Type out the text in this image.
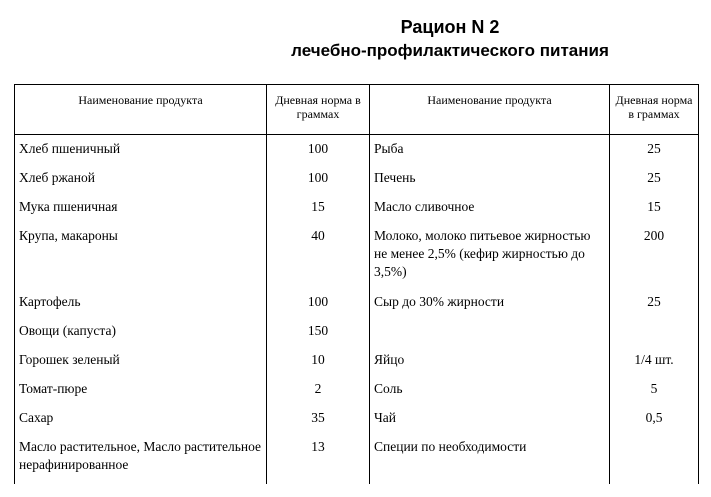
Рацион N 2
лечебно-профилактического питания
Наименование продукта	Дневная норма в граммах	Наименование продукта	Дневная норма в граммах
Хлеб пшеничный	100	Рыба	25
Хлеб ржаной	100	Печень	25
Мука пшеничная	15	Масло сливочное	15
Крупа, макароны	40	Молоко, молоко питьевое жирностью не менее 2,5% (кефир жирностью до 3,5%)	200
Картофель	100	Сыр до 30% жирности	25
Овощи (капуста)	150		
Горошек зеленый	10	Яйцо	1/4 шт.
Томат-пюре	2	Соль	5
Сахар	35	Чай	0,5
Масло растительное, Масло растительное нерафинированное	13	Специи по необходимости	
